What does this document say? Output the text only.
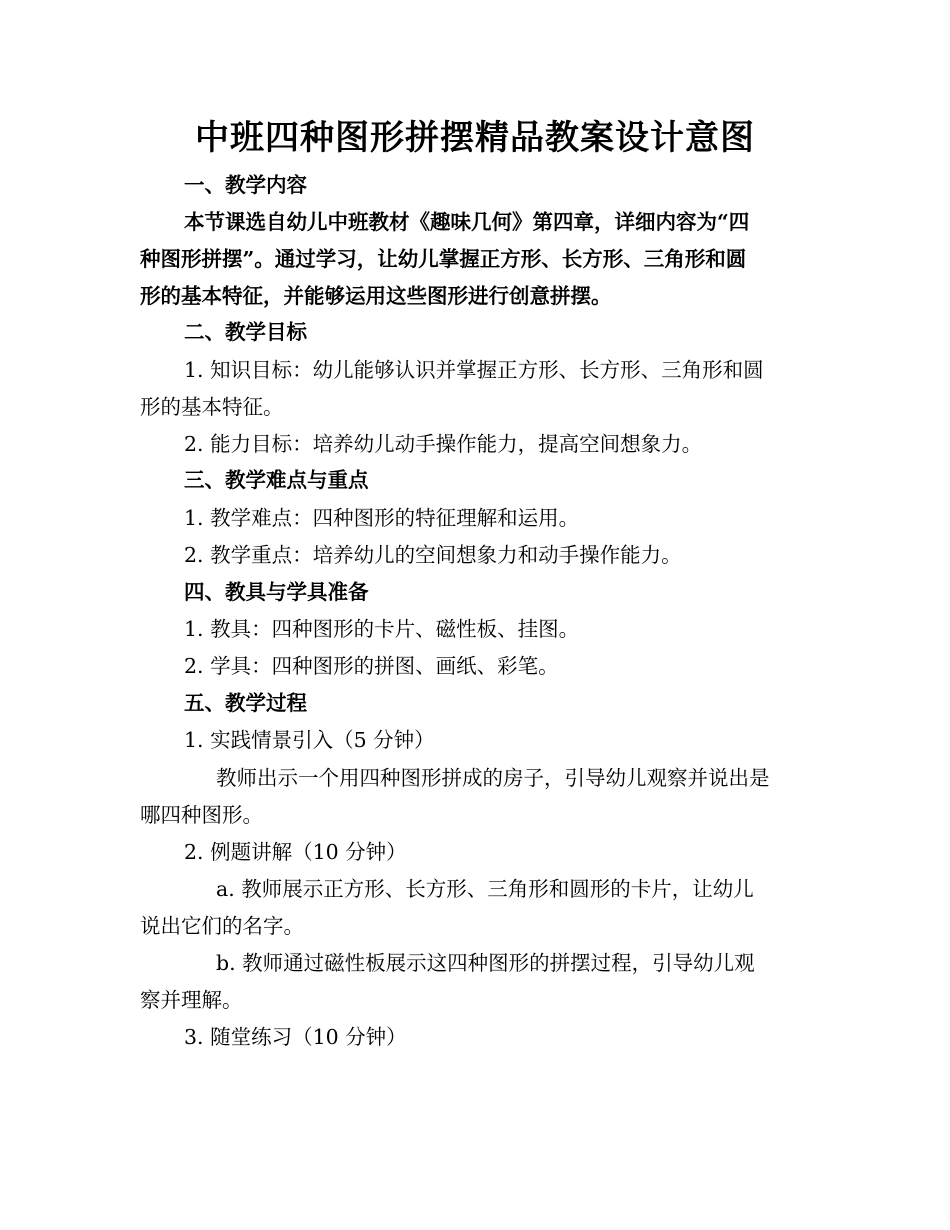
中班四种图形拼摆精品教案设计意图
一、教学内容
本节课选自幼儿中班教材《趣味几何》第四章，详细内容为“四
种图形拼摆”。通过学习，让幼儿掌握正方形、长方形、三角形和圆
形的基本特征，并能够运用这些图形进行创意拼摆。
二、教学目标
1. 知识目标：幼儿能够认识并掌握正方形、长方形、三角形和圆
形的基本特征。
2. 能力目标：培养幼儿动手操作能力，提高空间想象力。
三、教学难点与重点
1. 教学难点：四种图形的特征理解和运用。
2. 教学重点：培养幼儿的空间想象力和动手操作能力。
四、教具与学具准备
1. 教具：四种图形的卡片、磁性板、挂图。
2. 学具：四种图形的拼图、画纸、彩笔。
五、教学过程
1. 实践情景引入（5 分钟）
教师出示一个用四种图形拼成的房子，引导幼儿观察并说出是
哪四种图形。
2. 例题讲解（10 分钟）
a. 教师展示正方形、长方形、三角形和圆形的卡片，让幼儿
说出它们的名字。
b. 教师通过磁性板展示这四种图形的拼摆过程，引导幼儿观
察并理解。
3. 随堂练习（10 分钟）
